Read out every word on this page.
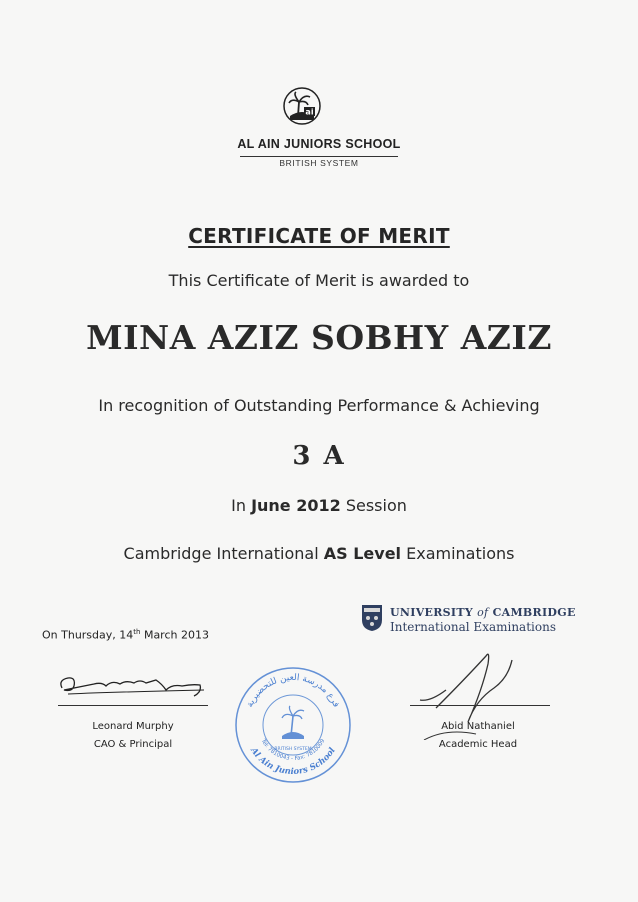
ai
AL AIN JUNIORS SCHOOL
BRITISH SYSTEM
CERTIFICATE OF MERIT
This Certificate of Merit is awarded to
MINA AZIZ SOBHY AZIZ
In recognition of Outstanding Performance & Achieving
3 A
In June 2012 Session
Cambridge International AS Level Examinations
On Thursday, 14th March 2013
Leonard Murphy
CAO & Principal
UNIVERSITY of CAMBRIDGE
International Examinations
Abid Nathaniel
Academic Head
فرع مدرسة العين للتحضيرية
Al Ain Juniors School
Tel: 7810043 - Fax: 7810009
BRITISH SYSTEM
